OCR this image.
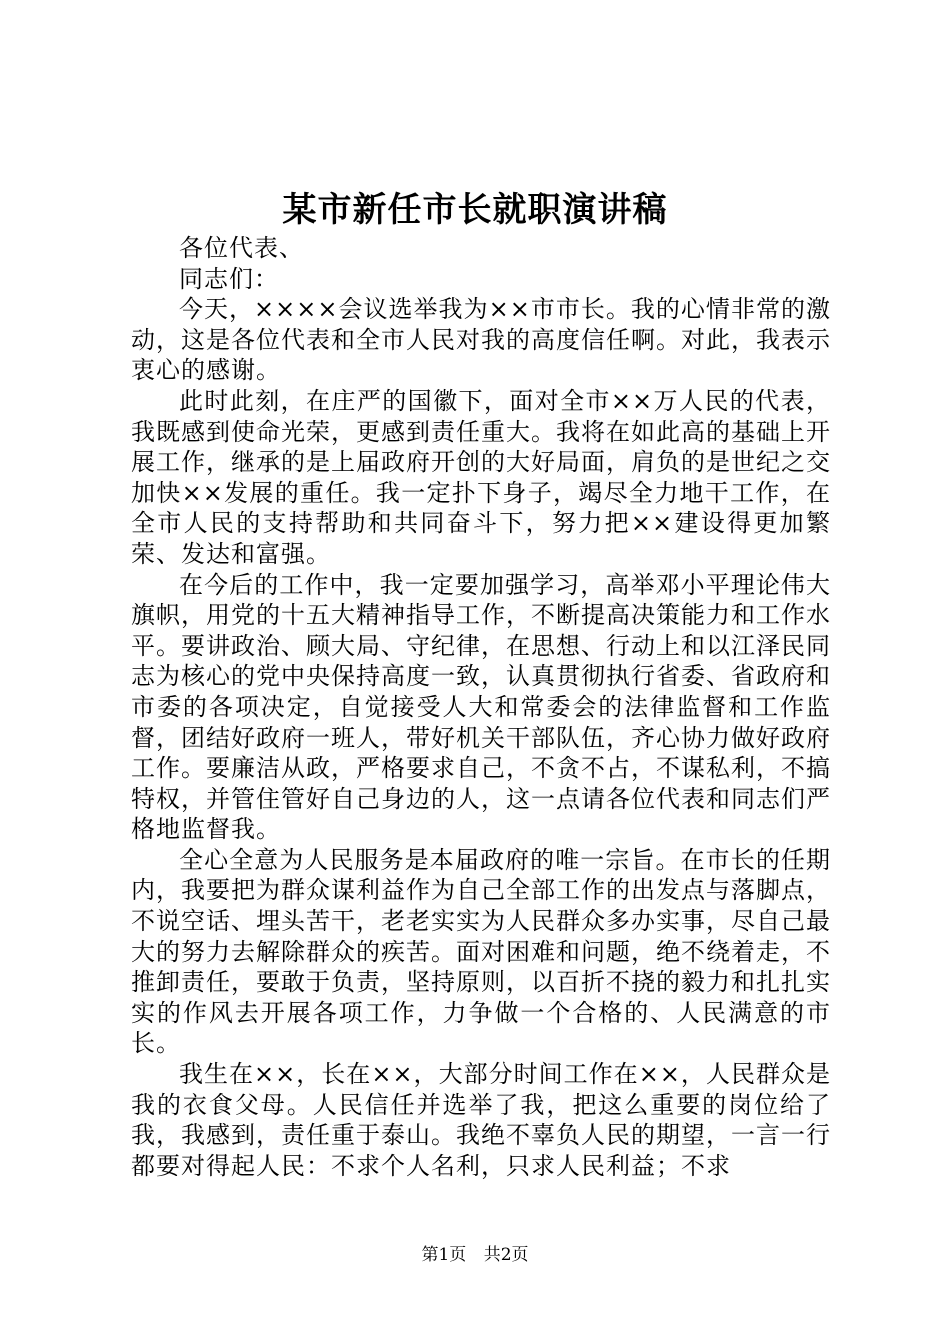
某市新任市长就职演讲稿

各位代表、

同志们：

今天，××××会议选举我为××市市长。我的心情非常的激动，这是各位代表和全市人民对我的高度信任啊。对此，我表示衷心的感谢。

此时此刻，在庄严的国徽下，面对全市××万人民的代表，我既感到使命光荣，更感到责任重大。我将在如此高的基础上开展工作，继承的是上届政府开创的大好局面，肩负的是世纪之交加快××发展的重任。我一定扑下身子，竭尽全力地干工作，在全市人民的支持帮助和共同奋斗下，努力把××建设得更加繁荣、发达和富强。

在今后的工作中，我一定要加强学习，高举邓小平理论伟大旗帜，用党的十五大精神指导工作，不断提高决策能力和工作水平。要讲政治、顾大局、守纪律，在思想、行动上和以江泽民同志为核心的党中央保持高度一致，认真贯彻执行省委、省政府和市委的各项决定，自觉接受人大和常委会的法律监督和工作监督，团结好政府一班人，带好机关干部队伍，齐心协力做好政府工作。要廉洁从政，严格要求自己，不贪不占，不谋私利，不搞特权，并管住管好自己身边的人，这一点请各位代表和同志们严格地监督我。

全心全意为人民服务是本届政府的唯一宗旨。在市长的任期内，我要把为群众谋利益作为自己全部工作的出发点与落脚点，不说空话、埋头苦干，老老实实为人民群众多办实事，尽自己最大的努力去解除群众的疾苦。面对困难和问题，绝不绕着走，不推卸责任，要敢于负责，坚持原则，以百折不挠的毅力和扎扎实实的作风去开展各项工作，力争做一个合格的、人民满意的市长。

我生在××，长在××，大部分时间工作在××，人民群众是我的衣食父母。人民信任并选举了我，把这么重要的岗位给了我，我感到，责任重于泰山。我绝不辜负人民的期望，一言一行都要对得起人民：不求个人名利，只求人民利益；不求

第1页 共2页
